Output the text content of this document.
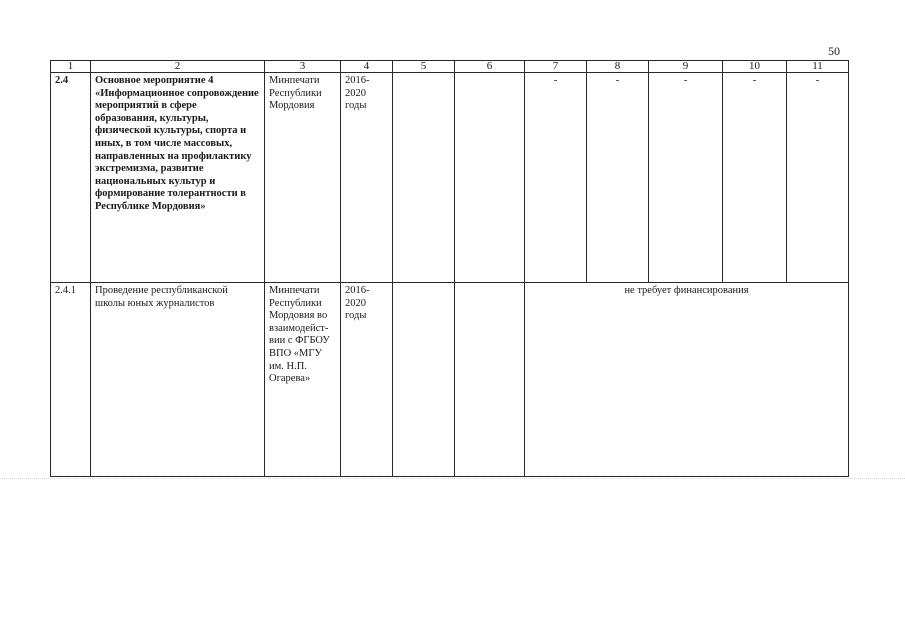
50
1	2	3	4	5	6	7	8	9	10	11
2.4	Основное мероприятие 4 «Информационное сопровождение мероприятий в сфере образования, культуры, физической культуры, спорта и иных, в том числе массовых, направленных на профилактику экстремизма, развитие национальных культур и формирование толерантности в Республике Мордовия»	Минпечати Республики Мордовия	2016-2020 годы			-	-	-	-	-
2.4.1	Проведение республиканской школы юных журналистов	Минпечати Республики Мордовия во взаимодействии с ФГБОУ ВПО «МГУ им. Н.П. Огарева»	2016-2020 годы			не требует финансирования				
